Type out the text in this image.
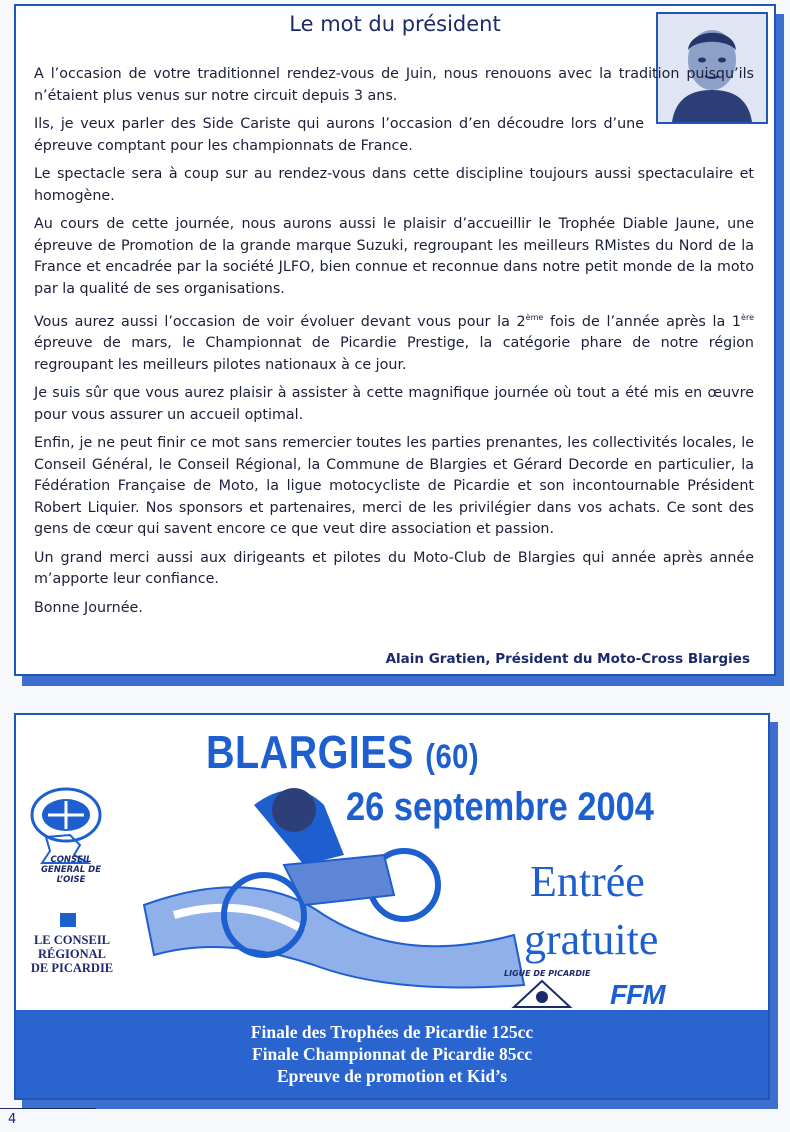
Le mot du président

A l’occasion de votre traditionnel rendez-vous de Juin, nous renouons avec la tradition puisqu’ils n’étaient plus venus sur notre circuit depuis 3 ans.

Ils, je veux parler des Side Cariste qui aurons l’occasion d’en découdre lors d’une épreuve comptant pour les championnats de France.

Le spectacle sera à coup sur au rendez-vous dans cette discipline toujours aussi spectaculaire et homogène.

Au cours de cette journée, nous aurons aussi le plaisir d’accueillir le Trophée Diable Jaune, une épreuve de Promotion de la grande marque Suzuki, regroupant les meilleurs RMistes du Nord de la France et encadrée par la société JLFO, bien connue et reconnue dans notre petit monde de la moto par la qualité de ses organisations.

Vous aurez aussi l’occasion de voir évoluer devant vous pour la 2ème fois de l’année après la 1ère épreuve de mars, le Championnat de Picardie Prestige, la catégorie phare de notre région regroupant les meilleurs pilotes nationaux à ce jour.

Je suis sûr que vous aurez plaisir à assister à cette magnifique journée où tout a été mis en œuvre pour vous assurer un accueil optimal.

Enfin, je ne peut finir ce mot sans remercier toutes les parties prenantes, les collectivités locales, le Conseil Général, le Conseil Régional, la Commune de Blargies et Gérard Decorde en particulier, la Fédération Française de Moto, la ligue motocycliste de Picardie et son incontournable Président Robert Liquier. Nos sponsors et partenaires, merci de les privilégier dans vos achats. Ce sont des gens de cœur qui savent encore ce que veut dire association et passion.

Un grand merci aussi aux dirigeants et pilotes du Moto-Club de Blargies qui année après année m’apporte leur confiance.

Bonne Journée.

Alain Gratien, Président du Moto-Cross Blargies
BLARGIES (60)
26 septembre 2004
Entrée
gratuite
CONSEIL GENERAL DE L’OISE
LE CONSEIL
RÉGIONAL
DE PICARDIE	LIGUE DE PICARDIE
FFM
Finale des Trophées de Picardie 125cc
Finale Championnat de Picardie 85cc
Epreuve de promotion et Kid’s
4
